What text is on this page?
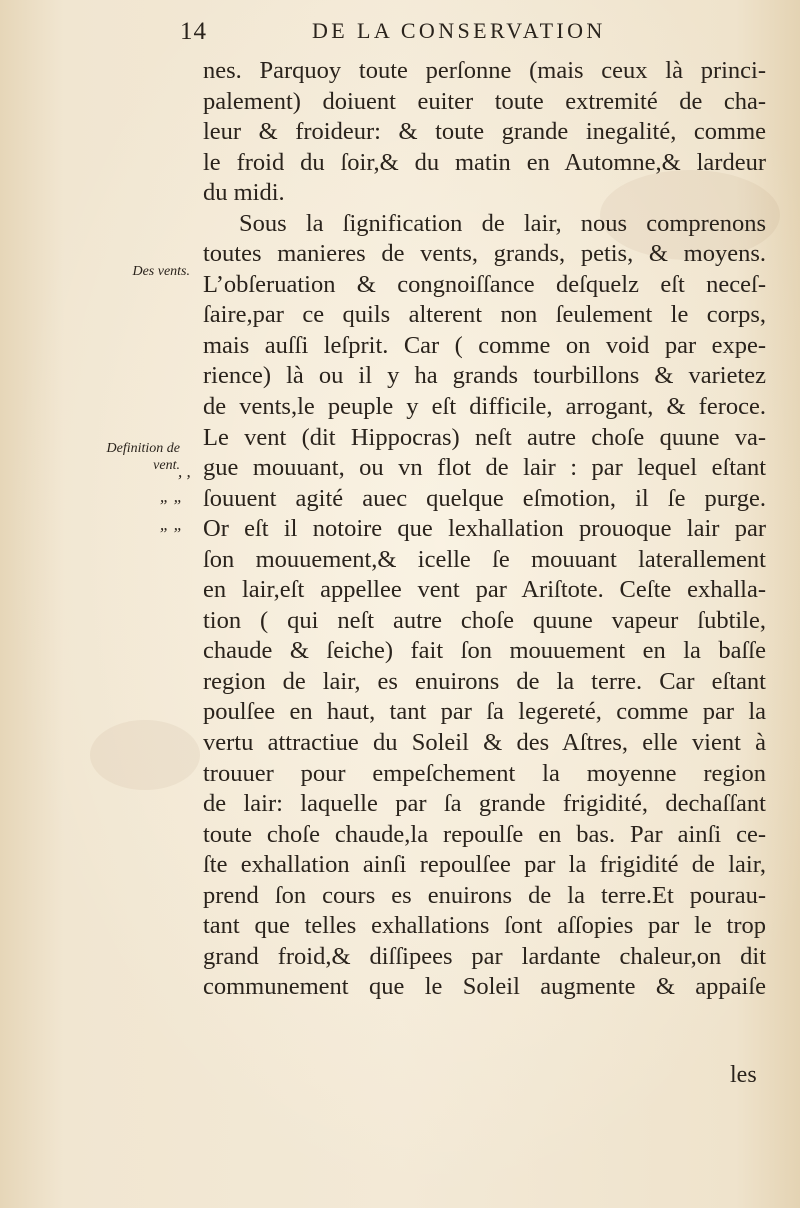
14	DE LA CONSERVATION
Des vents.
Definition de vent.
, ,
” ”
” ”
nes. Parquoy toute perſonne (mais ceux là princi-
palement) doiuent euiter toute extremité de cha-
leur & froideur: & toute grande inegalité, comme
le froid du ſoir,& du matin en Automne,& lardeur
du midi.
Sous la ſignification de lair, nous comprenons
toutes manieres de vents, grands, petis, & moyens.
L’obſeruation & congnoiſſance deſquelz eſt neceſ-
ſaire,par ce quils alterent non ſeulement le corps,
mais auſſi leſprit. Car ( comme on void par expe-
rience) là ou il y ha grands tourbillons & varietez
de vents,le peuple y eſt difficile, arrogant, & feroce.
Le vent (dit Hippocras) neſt autre choſe quune va-
gue mouuant, ou vn flot de lair : par lequel eſtant
ſouuent agité auec quelque eſmotion, il ſe purge.
Or eſt il notoire que lexhallation prouoque lair par
ſon mouuement,& icelle ſe mouuant laterallement
en lair,eſt appellee vent par Ariſtote. Ceſte exhalla-
tion ( qui neſt autre choſe quune vapeur ſubtile,
chaude & ſeiche) fait ſon mouuement en la baſſe
region de lair, es enuirons de la terre. Car eſtant
poulſee en haut, tant par ſa legereté, comme par la
vertu attractiue du Soleil & des Aſtres, elle vient à
trouuer pour empeſchement la moyenne region
de lair: laquelle par ſa grande frigidité, dechaſſant
toute choſe chaude,la repoulſe en bas. Par ainſi ce-
ſte exhallation ainſi repoulſee par la frigidité de lair,
prend ſon cours es enuirons de la terre.Et pourau-
tant que telles exhallations ſont aſſopies par le trop
grand froid,& diſſipees par lardante chaleur,on dit
communement que le Soleil augmente & appaiſe
les
